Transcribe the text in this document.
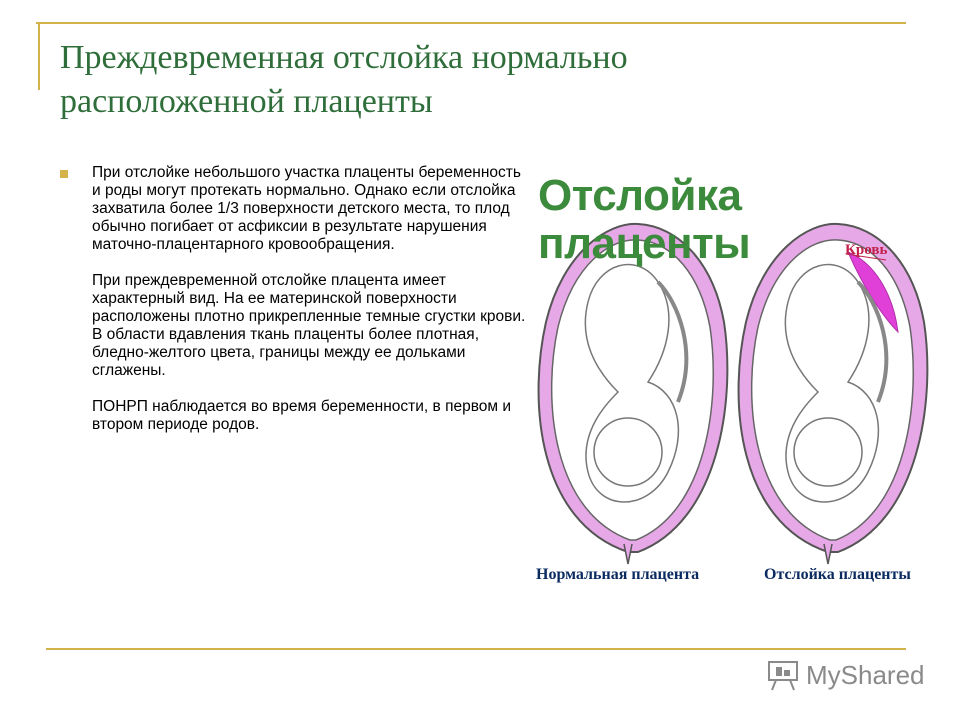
Преждевременная отслойка нормально расположенной плаценты

При отслойке небольшого участка плаценты беременность и роды могут протекать нормально. Однако если отслойка захватила более 1/3 поверхности детского места, то плод обычно погибает от асфиксии в результате нарушения маточно-плацентарного кровообращения.

При преждевременной отслойке плацента имеет характерный вид. На ее материнской поверхности расположены плотно прикрепленные темные сгустки крови. В области вдавления ткань плаценты более плотная, бледно-желтого цвета, границы между ее дольками сглажены.

ПОНРП наблюдается во время беременности, в первом и втором периоде родов.

Отслойка плаценты	Кровь
Нормальная плацента	Отслойка плаценты
MyShared
